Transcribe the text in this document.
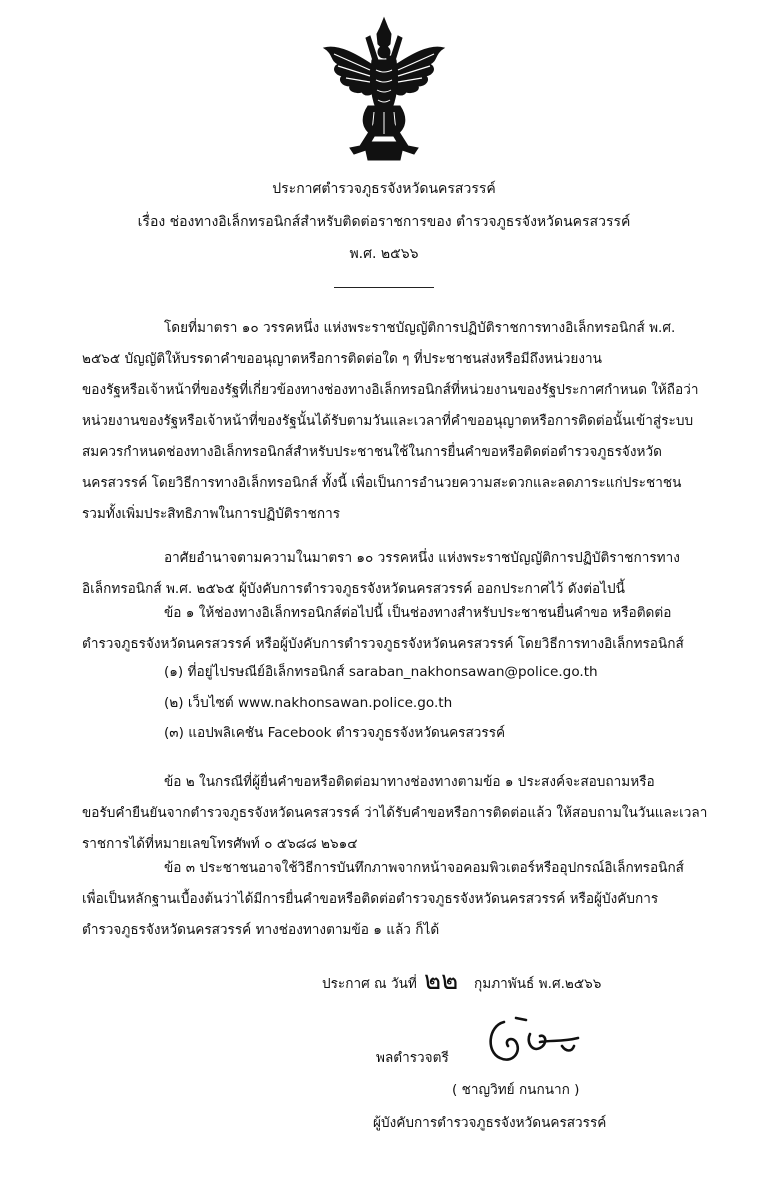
ประกาศตำรวจภูธรจังหวัดนครสวรรค์
เรื่อง ช่องทางอิเล็กทรอนิกส์สำหรับติดต่อราชการของ ตำรวจภูธรจังหวัดนครสวรรค์
พ.ศ. ๒๕๖๖
โดยที่มาตรา ๑๐ วรรคหนึ่ง แห่งพระราชบัญญัติการปฏิบัติราชการทางอิเล็กทรอนิกส์ พ.ศ.
๒๕๖๕ บัญญัติให้บรรดาคำขออนุญาตหรือการติดต่อใด ๆ ที่ประชาชนส่งหรือมีถึงหน่วยงาน
ของรัฐหรือเจ้าหน้าที่ของรัฐที่เกี่ยวข้องทางช่องทางอิเล็กทรอนิกส์ที่หน่วยงานของรัฐประกาศกำหนด ให้ถือว่า
หน่วยงานของรัฐหรือเจ้าหน้าที่ของรัฐนั้นได้รับตามวันและเวลาที่คำขออนุญาตหรือการติดต่อนั้นเข้าสู่ระบบ
สมควรกำหนดช่องทางอิเล็กทรอนิกส์สำหรับประชาชนใช้ในการยื่นคำขอหรือติดต่อตำรวจภูธรจังหวัด
นครสวรรค์ โดยวิธีการทางอิเล็กทรอนิกส์ ทั้งนี้ เพื่อเป็นการอำนวยความสะดวกและลดภาระแก่ประชาชน
รวมทั้งเพิ่มประสิทธิภาพในการปฏิบัติราชการ
อาศัยอำนาจตามความในมาตรา ๑๐ วรรคหนึ่ง แห่งพระราชบัญญัติการปฏิบัติราชการทาง
อิเล็กทรอนิกส์ พ.ศ. ๒๕๖๕ ผู้บังคับการตำรวจภูธรจังหวัดนครสวรรค์ ออกประกาศไว้ ดังต่อไปนี้
ข้อ ๑ ให้ช่องทางอิเล็กทรอนิกส์ต่อไปนี้ เป็นช่องทางสำหรับประชาชนยื่นคำขอ หรือติดต่อ
ตำรวจภูธรจังหวัดนครสวรรค์ หรือผู้บังคับการตำรวจภูธรจังหวัดนครสวรรค์ โดยวิธีการทางอิเล็กทรอนิกส์
(๑) ที่อยู่ไปรษณีย์อิเล็กทรอนิกส์ saraban_nakhonsawan@police.go.th
(๒) เว็บไซต์ www.nakhonsawan.police.go.th
(๓) แอปพลิเคชัน Facebook ตำรวจภูธรจังหวัดนครสวรรค์
ข้อ ๒ ในกรณีที่ผู้ยื่นคำขอหรือติดต่อมาทางช่องทางตามข้อ ๑ ประสงค์จะสอบถามหรือ
ขอรับคำยืนยันจากตำรวจภูธรจังหวัดนครสวรรค์ ว่าได้รับคำขอหรือการติดต่อแล้ว ให้สอบถามในวันและเวลา
ราชการได้ที่หมายเลขโทรศัพท์ ๐ ๕๖๘๘ ๒๖๑๔
ข้อ ๓ ประชาชนอาจใช้วิธีการบันทึกภาพจากหน้าจอคอมพิวเตอร์หรืออุปกรณ์อิเล็กทรอนิกส์
เพื่อเป็นหลักฐานเบื้องต้นว่าได้มีการยื่นคำขอหรือติดต่อตำรวจภูธรจังหวัดนครสวรรค์ หรือผู้บังคับการ
ตำรวจภูธรจังหวัดนครสวรรค์ ทางช่องทางตามข้อ ๑ แล้ว ก็ได้
ประกาศ ณ วันที่ ๒๒ กุมภาพันธ์ พ.ศ.๒๕๖๖
พลตำรวจตรี
( ชาญวิทย์ กนกนาก )
ผู้บังคับการตำรวจภูธรจังหวัดนครสวรรค์
